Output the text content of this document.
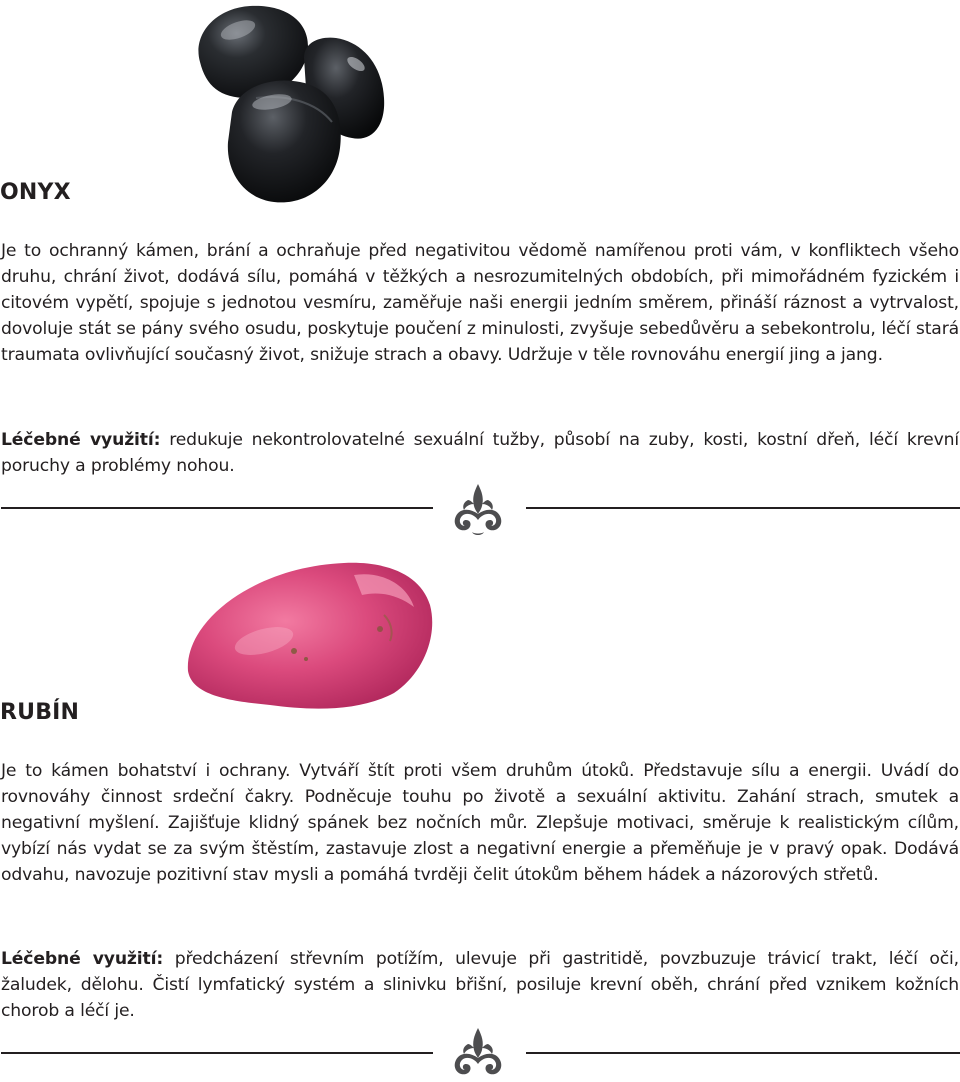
ONYX

Je to ochranný kámen, brání a ochraňuje před negativitou vědomě namířenou proti vám, v konfliktech všeho druhu, chrání život, dodává sílu, pomáhá v těžkých a nesrozumitelných obdobích, při mimořádném fyzickém i citovém vypětí, spojuje s jednotou vesmíru, zaměřuje naši energii jedním směrem, přináší ráznost a vytrvalost, dovoluje stát se pány svého osudu, poskytuje poučení z minulosti, zvyšuje sebedůvěru a sebekontrolu, léčí stará traumata ovlivňující současný život, snižuje strach a obavy. Udržuje v těle rovnováhu energií jing a jang.

Léčebné využití: redukuje nekontrolovatelné sexuální tužby, působí na zuby, kosti, kostní dřeň, léčí krevní poruchy a problémy nohou.

RUBÍN

Je to kámen bohatství i ochrany. Vytváří štít proti všem druhům útoků. Představuje sílu a energii. Uvádí do rovnováhy činnost srdeční čakry. Podněcuje touhu po životě a sexuální aktivitu. Zahání strach, smutek a negativní myšlení. Zajišťuje klidný spánek bez nočních můr. Zlepšuje motivaci, směruje k realistickým cílům, vybízí nás vydat se za svým štěstím, zastavuje zlost a negativní energie a přeměňuje je v pravý opak. Dodává odvahu, navozuje pozitivní stav mysli a pomáhá tvrději čelit útokům během hádek a názorových střetů.

Léčebné využití: předcházení střevním potížím, ulevuje při gastritidě, povzbuzuje trávicí trakt, léčí oči, žaludek, dělohu. Čistí lymfatický systém a slinivku břišní, posiluje krevní oběh, chrání před vznikem kožních chorob a léčí je.
